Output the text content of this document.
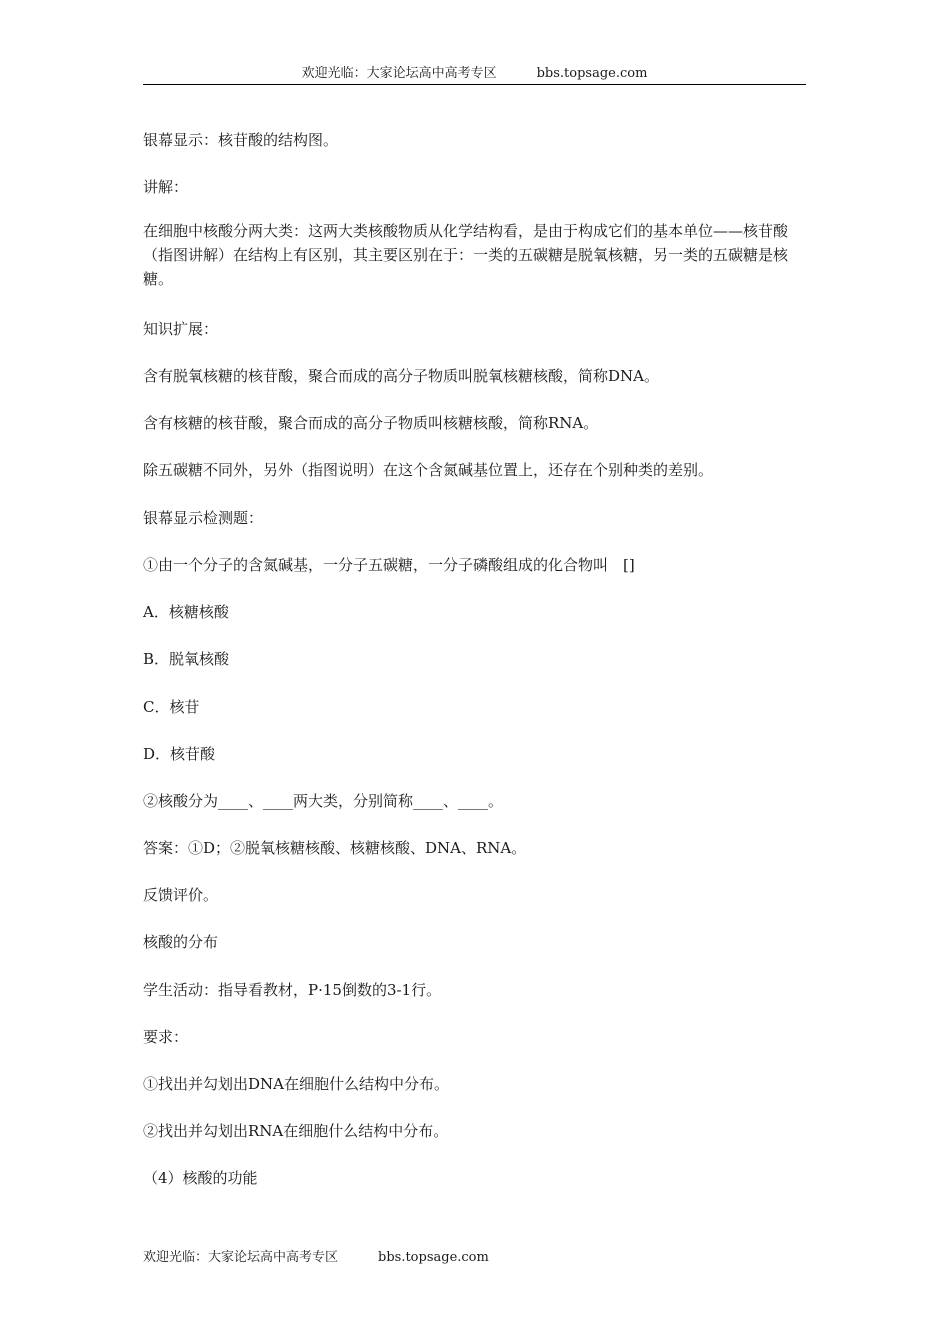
欢迎光临：大家论坛高中高考专区	bbs.topsage.com

银幕显示：核苷酸的结构图。

讲解：

在细胞中核酸分两大类：这两大类核酸物质从化学结构看，是由于构成它们的基本单位——核苷酸（指图讲解）在结构上有区别，其主要区别在于：一类的五碳糖是脱氧核糖，另一类的五碳糖是核糖。

知识扩展：

含有脱氧核糖的核苷酸，聚合而成的高分子物质叫脱氧核糖核酸，简称DNA。

含有核糖的核苷酸，聚合而成的高分子物质叫核糖核酸，简称RNA。

除五碳糖不同外，另外（指图说明）在这个含氮碱基位置上，还存在个别种类的差别。

银幕显示检测题：

①由一个分子的含氮碱基，一分子五碳糖，一分子磷酸组成的化合物叫　[]

A．核糖核酸

B．脱氧核酸

C．核苷

D．核苷酸

②核酸分为____、____两大类，分别简称____、____。

答案：①D；②脱氧核糖核酸、核糖核酸、DNA、RNA。

反馈评价。

核酸的分布

学生活动：指导看教材，P·15倒数的3-1行。

要求：

①找出并勾划出DNA在细胞什么结构中分布。

②找出并勾划出RNA在细胞什么结构中分布。

（4）核酸的功能

欢迎光临：大家论坛高中高考专区	bbs.topsage.com
